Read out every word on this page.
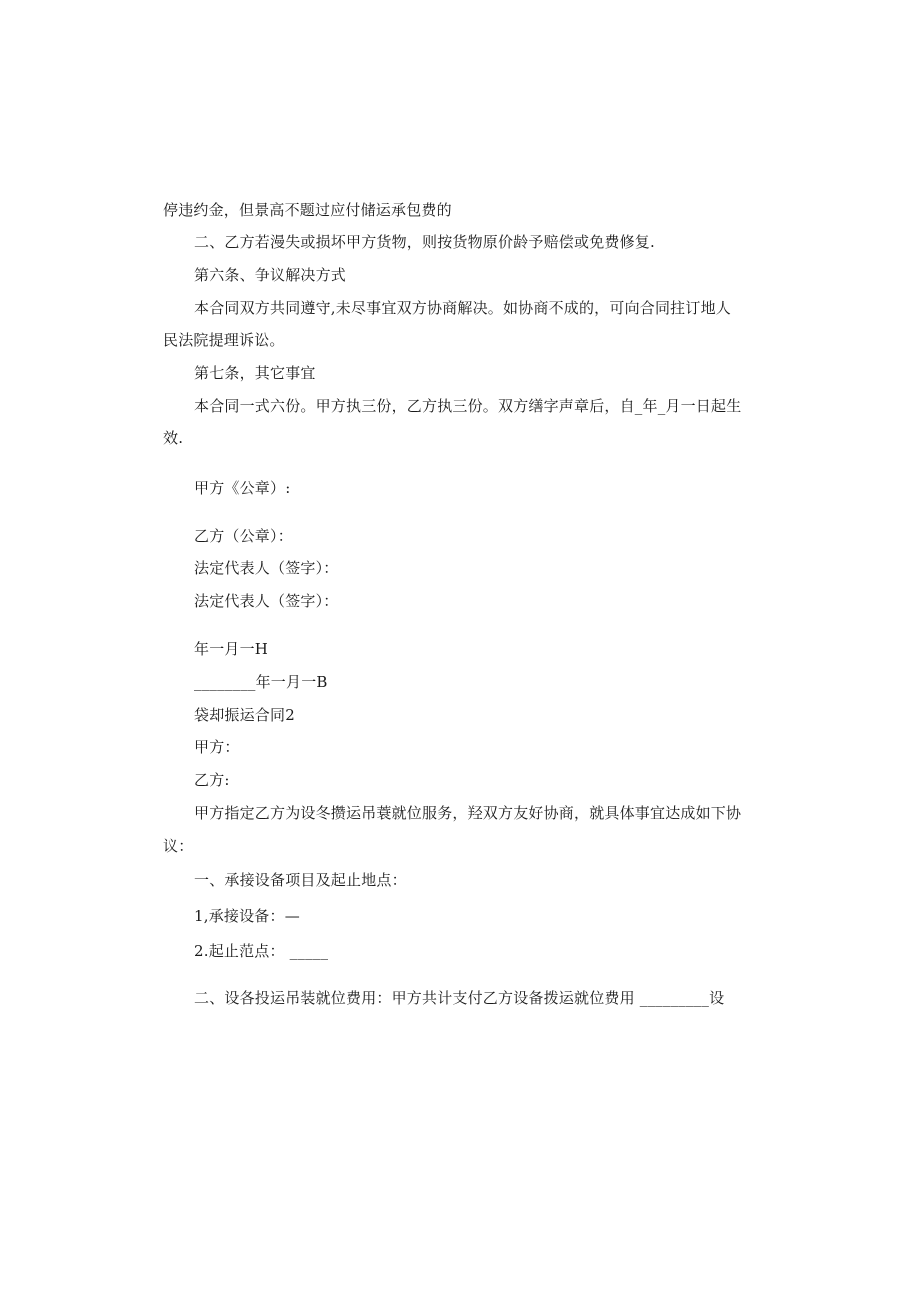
停违约金，但景高不题过应付储运承包费的
二、乙方若漫失或损坏甲方货物，则按货物原价龄予赔偿或免费修复.
第六条、争议解决方式
本合同双方共同遵守,未尽事宜双方协商解决。如协商不成的，可向合同拄订地人
民法院提理诉讼。
第七条，其它事宜
本合同一式六份。甲方执三份，乙方执三份。双方缮字声章后，自_年_月一日起生
效.
甲方《公章）:
乙方（公章）：
法定代表人（签字）：
法定代表人（签字）：
年一月一H
________年一月一B
袋却振运合同2
甲方：
乙方:
甲方指定乙方为设冬攒运吊蓑就位服务，羟双方友好协商，就具体事宜达成如下协
议：
一、承接设备项目及起止地点：
1,承接设备：—
2.起止范点： _____
二、设各投运吊装就位费用：甲方共计支付乙方设备拨运就位费用 _________设
